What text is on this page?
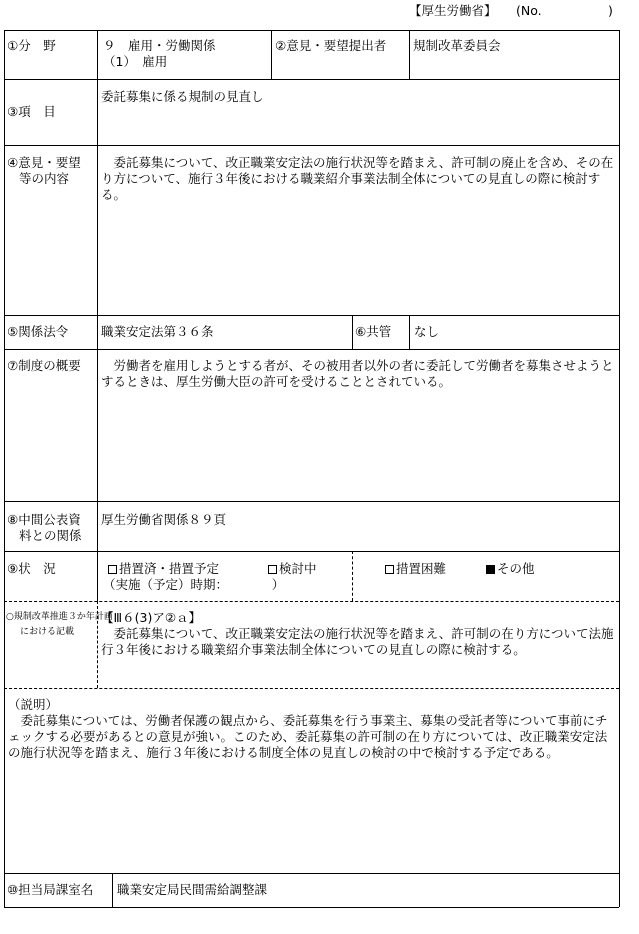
【厚生労働省】 (No.	)
①分　野	９　雇用・労働関係
（1）　雇用
②意見・要望提出者 規制改革委員会
③項　目
委託募集に係る規制の見直し
④意見・要望
等の内容
　委託募集について、改正職業安定法の施行状況等を踏まえ、許可制の廃止を含め、その在り方について、施行３年後における職業紹介事業法制全体についての見直しの際に検討する。
⑤関係法令	職業安定法第３６条	⑥共管 なし
⑦制度の概要 　労働者を雇用しようとする者が、その被用者以外の者に委託して労働者を募集させようとするときは、厚生労働大臣の許可を受けることとされている。
⑧中間公表資
料との関係
厚生労働省関係８９頁
⑨状　況	措置済・措置予定
（実施（予定）時期：　　　　）
検討中	措置困難	その他
○規制改革推進３か年計画
における記載
【Ⅲ６(3)ア②ａ】
　委託募集について、改正職業安定法の施行状況等を踏まえ、許可制の在り方について法施行３年後における職業紹介事業法制全体についての見直しの際に検討する。
（説明）
　委託募集については、労働者保護の観点から、委託募集を行う事業主、募集の受託者等について事前にチェックする必要があるとの意見が強い。このため、委託募集の許可制の在り方については、改正職業安定法の施行状況等を踏まえ、施行３年後における制度全体の見直しの検討の中で検討する予定である。
⑩担当局課室名 職業安定局民間需給調整課
